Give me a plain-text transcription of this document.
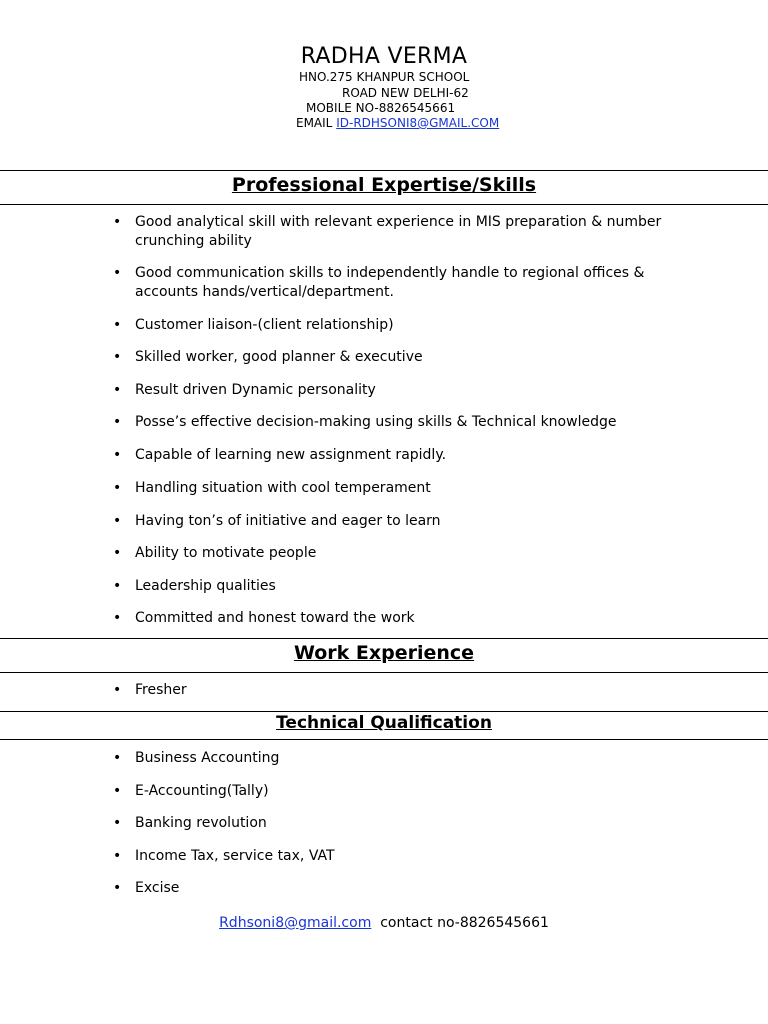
RADHA VERMA
HNO.275 KHANPUR SCHOOL
ROAD NEW DELHI-62
MOBILE NO-8826545661
EMAIL ID-RDHSONI8@GMAIL.COM
Professional Expertise/Skills
• Good analytical skill with relevant experience in MIS preparation & number crunching ability
• Good communication skills to independently handle to regional offices & accounts hands/vertical/department.
• Customer liaison-(client relationship)
• Skilled worker, good planner & executive
• Result driven Dynamic personality
• Posse’s effective decision-making using skills & Technical knowledge
• Capable of learning new assignment rapidly.
• Handling situation with cool temperament
• Having ton’s of initiative and eager to learn
• Ability to motivate people
• Leadership qualities
• Committed and honest toward the work
Work Experience
• Fresher
Technical Qualification
• Business Accounting
• E-Accounting(Tally)
• Banking revolution
• Income Tax, service tax, VAT
• Excise
Rdhsoni8@gmail.com contact no-8826545661
